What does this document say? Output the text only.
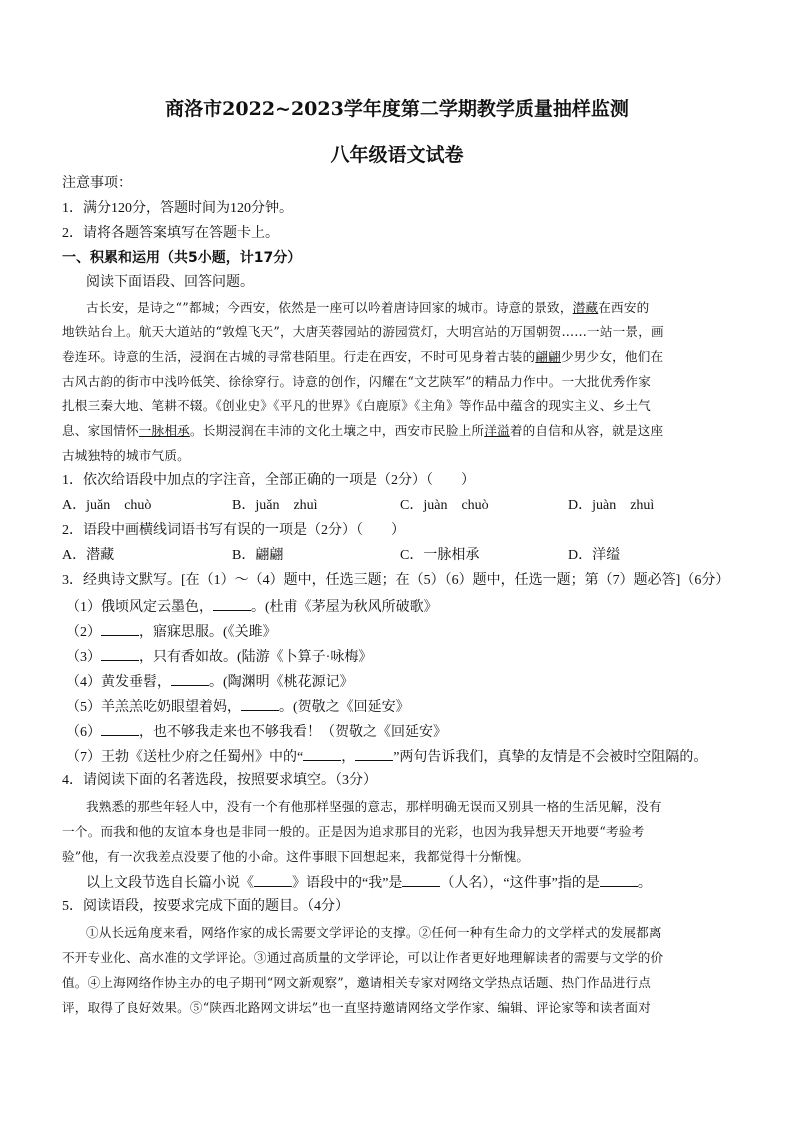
商洛市2022~2023学年度第二学期教学质量抽样监测
八年级语文试卷
注意事项：
1．满分120分，答题时间为120分钟。
2．请将各题答案填写在答题卡上。
一、积累和运用（共5小题，计17分）
阅读下面语段、回答问题。
古长安，是诗之“”都城；今西安，依然是一座可以吟着唐诗回家的城市。诗意的景致，潜藏在西安的
地铁站台上。航天大道站的“敦煌飞天”，大唐芙蓉园站的游园赏灯，大明宫站的万国朝贺……一站一景，画
卷连环。诗意的生活，浸润在古城的寻常巷陌里。行走在西安，不时可见身着古装的翩翩少男少女，他们在
古风古韵的街市中浅吟低笑、徐徐穿行。诗意的创作，闪耀在“文艺陕军”的精品力作中。一大批优秀作家
扎根三秦大地、笔耕不辍。《创业史》《平凡的世界》《白鹿原》《主角》等作品中蕴含的现实主义、乡土气
息、家国情怀一脉相承。长期浸润在丰沛的文化土壤之中，西安市民脸上所洋溢着的自信和从容，就是这座
古城独特的城市气质。
1．依次给语段中加点的字注音，全部正确的一项是（2分）（　　）
A．juǎn　chuò	B．juǎn　zhuì	C．juàn　chuò	D．juàn　zhuì
2．语段中画横线词语书写有误的一项是（2分）（　　）
A．潜藏	B．翩翩	C．一脉相承	D．洋缢
3．经典诗文默写。[在（1）～（4）题中，任选三题；在（5）（6）题中，任选一题；第（7）题必答]（6分）
（1）俄顷风定云墨色，	。(杜甫《茅屋为秋风所破歌》
（2）	，寤寐思服。(《关雎》
（3）	，只有香如故。(陆游《卜算子·咏梅》
（4）黄发垂髫，	。(陶渊明《桃花源记》
（5）羊羔羔吃奶眼望着妈，	。(贺敬之《回延安》
（6）	，也不够我走来也不够我看！（贺敬之《回延安》
（7）王勃《送杜少府之任蜀州》中的“	，	”两句告诉我们，真挚的友情是不会被时空阻隔的。
4．请阅读下面的名著选段，按照要求填空。（3分）
我熟悉的那些年轻人中，没有一个有他那样坚强的意志，那样明确无误而又别具一格的生活见解，没有
一个。而我和他的友谊本身也是非同一般的。正是因为追求那目的光彩，也因为我异想天开地要“考验考
验”他，有一次我差点没要了他的小命。这件事眼下回想起来，我都觉得十分惭愧。
以上文段节选自长篇小说《	》语段中的“我”是	（人名），“这件事”指的是	。
5．阅读语段，按要求完成下面的题目。（4分）
①从长远角度来看，网络作家的成长需要文学评论的支撑。②任何一种有生命力的文学样式的发展都离
不开专业化、高水准的文学评论。③通过高质量的文学评论，可以让作者更好地理解读者的需要与文学的价
值。④上海网络作协主办的电子期刊“网文新观察”，邀请相关专家对网络文学热点话题、热门作品进行点
评，取得了良好效果。⑤“陕西北路网文讲坛”也一直坚持邀请网络文学作家、编辑、评论家等和读者面对
